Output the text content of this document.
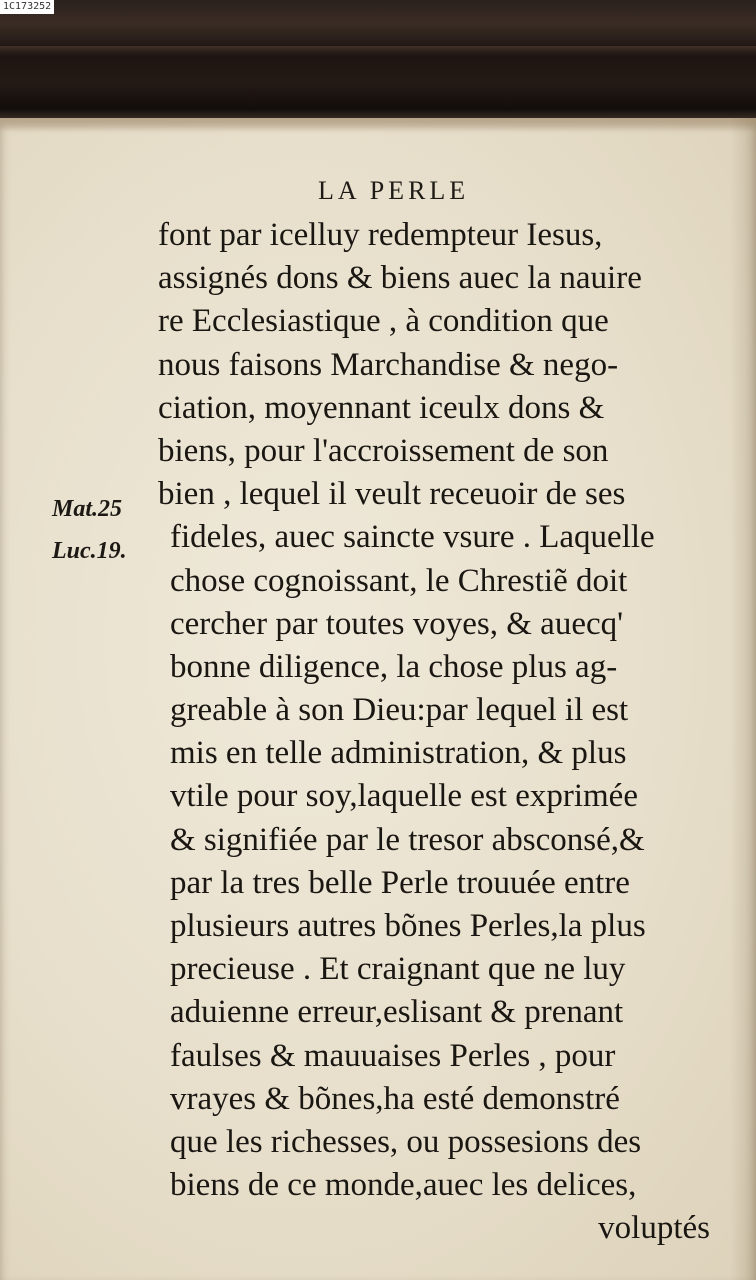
1C173252
LA PERLE
Mat.25
Luc.19.
font par icelluy redempteur Iesus,
assignés dons & biens auec la nauire
re Ecclesiastique , à condition que
nous faisons Marchandise & nego-
ciation, moyennant iceulx dons &
biens, pour l'accroissement de son
bien , lequel il veult receuoir de ses
fideles, auec saincte vsure . Laquelle
chose cognoissant, le Chrestiẽ doit
cercher par toutes voyes, & auecq'
bonne diligence, la chose plus ag-
greable à son Dieu:par lequel il est
mis en telle administration, & plus
vtile pour soy,laquelle est exprimée
& signifiée par le tresor absconsé,&
par la tres belle Perle trouuée entre
plusieurs autres bõnes Perles,la plus
precieuse . Et craignant que ne luy
aduienne erreur,eslisant & prenant
faulses & mauuaises Perles , pour
vrayes & bõnes,ha esté demonstré
que les richesses, ou possesions des
biens de ce monde,auec les delices,
voluptés
